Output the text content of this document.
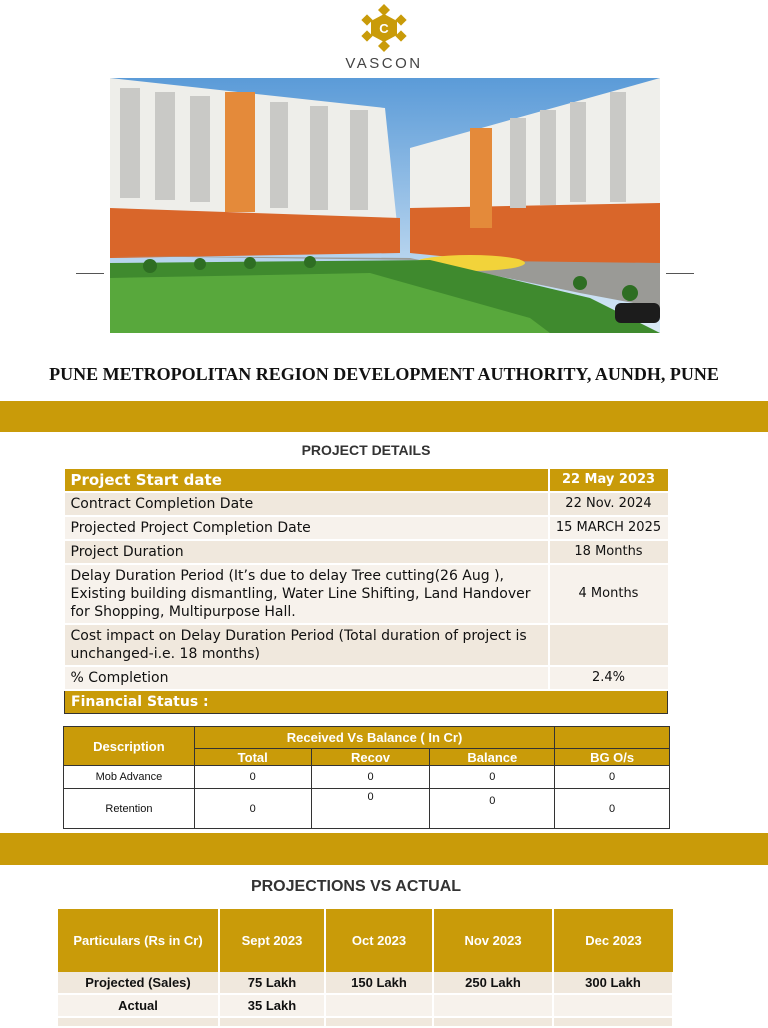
C
VASCON
PUNE METROPOLITAN REGION DEVELOPMENT AUTHORITY, AUNDH, PUNE
PROJECT DETAILS
Project Start date	22 May 2023
Contract Completion Date	22 Nov. 2024
Projected Project Completion Date	15 MARCH 2025
Project Duration	18 Months
Delay Duration Period (It’s due to delay Tree cutting(26 Aug ), Existing building dismantling, Water Line Shifting, Land Handover for Shopping, Multipurpose Hall.	4 Months
Cost impact on Delay Duration Period (Total duration of project is unchanged-i.e. 18 months)	
% Completion	2.4%
Financial Status :	
Description	Received Vs Balance ( In Cr)			
	Total	Recov	Balance	BG O/s
Mob Advance	0	0	0	0
Retention	0	0	0	0
PROJECTIONS VS ACTUAL
Particulars (Rs in Cr)	Sept 2023	Oct 2023	Nov 2023	Dec 2023
Projected (Sales)	75 Lakh	150 Lakh	250 Lakh	300 Lakh
Actual	35 Lakh			
